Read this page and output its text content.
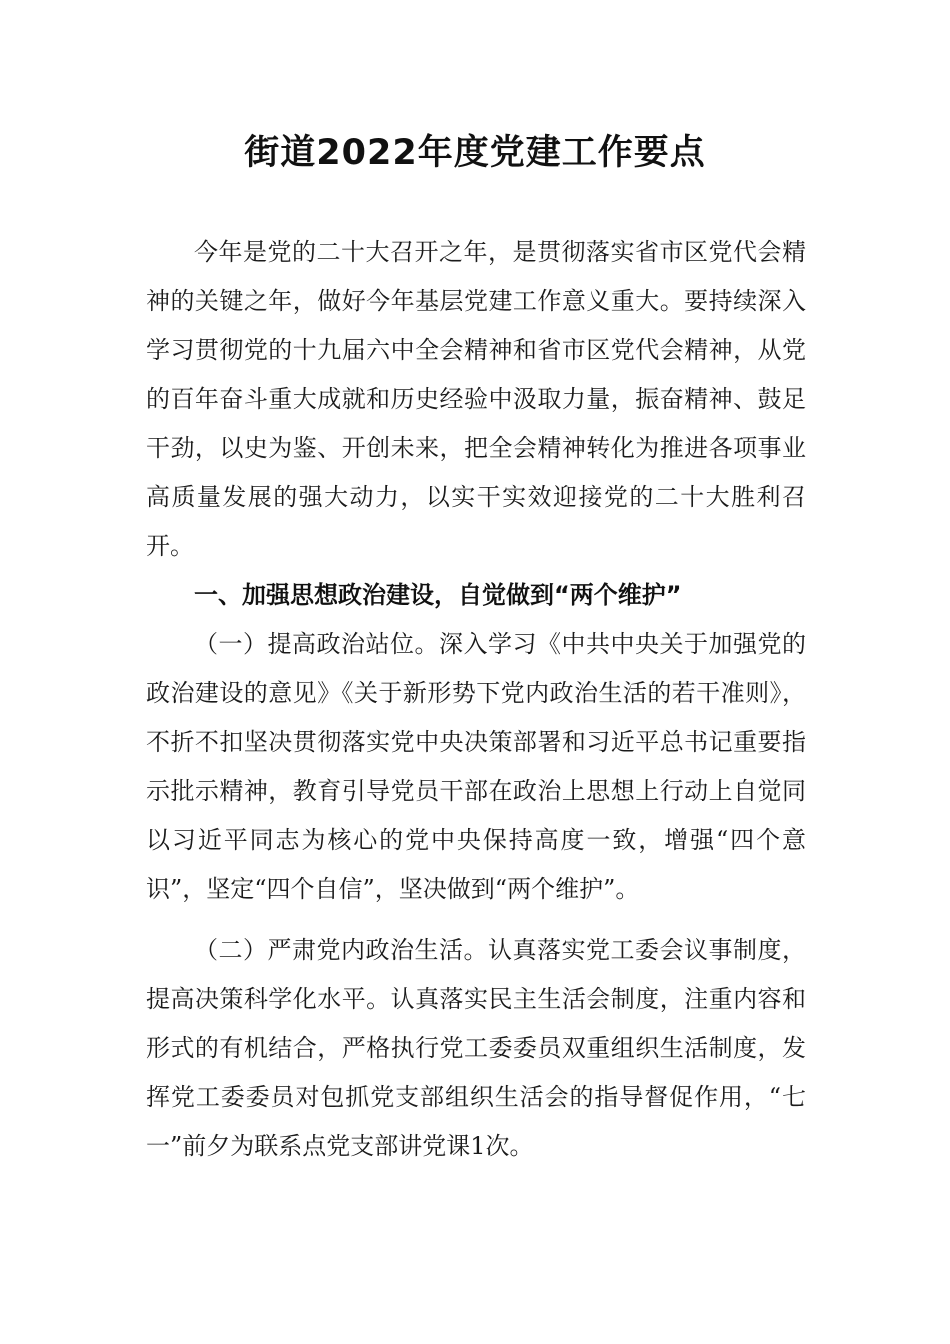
街道2022年度党建工作要点

今年是党的二十大召开之年，是贯彻落实省市区党代会精神的关键之年，做好今年基层党建工作意义重大。要持续深入学习贯彻党的十九届六中全会精神和省市区党代会精神，从党的百年奋斗重大成就和历史经验中汲取力量，振奋精神、鼓足干劲，以史为鉴、开创未来，把全会精神转化为推进各项事业高质量发展的强大动力，以实干实效迎接党的二十大胜利召开。

一、加强思想政治建设，自觉做到“两个维护”

（一）提高政治站位。深入学习《中共中央关于加强党的政治建设的意见》《关于新形势下党内政治生活的若干准则》，不折不扣坚决贯彻落实党中央决策部署和习近平总书记重要指示批示精神，教育引导党员干部在政治上思想上行动上自觉同以习近平同志为核心的党中央保持高度一致，增强“四个意识”，坚定“四个自信”，坚决做到“两个维护”。

（二）严肃党内政治生活。认真落实党工委会议事制度，提高决策科学化水平。认真落实民主生活会制度，注重内容和形式的有机结合，严格执行党工委委员双重组织生活制度，发挥党工委委员对包抓党支部组织生活会的指导督促作用，“七一”前夕为联系点党支部讲党课1次。
